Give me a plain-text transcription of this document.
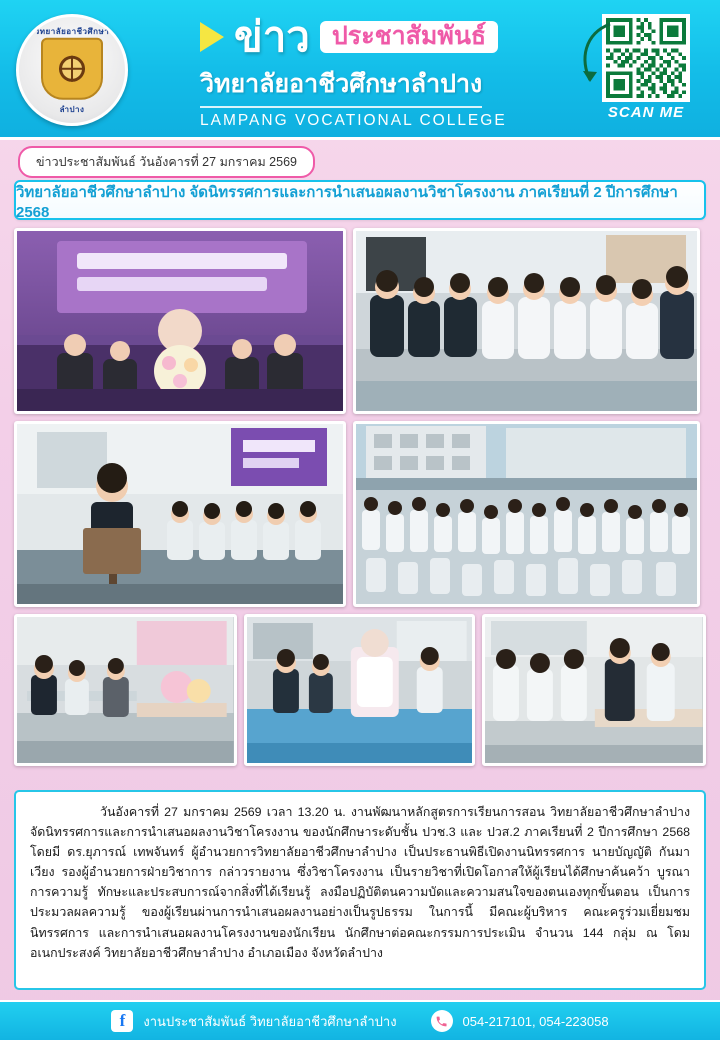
วิทยาลัยอาชีวศึกษา
ลำปาง
ข่าว ประชาสัมพันธ์
วิทยาลัยอาชีวศึกษาลำปาง
LAMPANG VOCATIONAL COLLEGE	SCAN ME
ข่าวประชาสัมพันธ์ วันอังคารที่ 27 มกราคม 2569
วิทยาลัยอาชีวศึกษาลำปาง จัดนิทรรศการและการนำเสนอผลงานวิชาโครงงาน ภาคเรียนที่ 2 ปีการศึกษา 2568

วันอังคารที่ 27 มกราคม 2569 เวลา 13.20 น. งานพัฒนาหลักสูตรการเรียนการสอน วิทยาลัยอาชีวศึกษาลำปาง จัดนิทรรศการและการนำเสนอผลงานวิชาโครงงาน ของนักศึกษาระดับชั้น ปวช.3 และ ปวส.2 ภาคเรียนที่ 2 ปีการศึกษา 2568 โดยมี ดร.ยุภารณ์ เทพจันทร์ ผู้อำนวยการวิทยาลัยอาชีวศึกษาลำปาง เป็นประธานพิธีเปิดงานนิทรรศการ นายบัญญัติ กันมาเวียง รองผู้อำนวยการฝ่ายวิชาการ กล่าวรายงาน ซึ่งวิชาโครงงาน เป็นรายวิชาที่เปิดโอกาสให้ผู้เรียนได้ศึกษาค้นคว้า บูรณาการความรู้ ทักษะและประสบการณ์จากสิ่งที่ได้เรียนรู้ ลงมือปฏิบัติตนความบัดและความสนใจของตนเองทุกขั้นตอน เป็นการประมวลผลความรู้ ของผู้เรียนผ่านการนำเสนอผลงานอย่างเป็นรูปธรรม ในการนี้ มีคณะผู้บริหาร คณะครูร่วมเยี่ยมชมนิทรรศการ และการนำเสนอผลงานโครงงานของนักเรียน นักศึกษาต่อคณะกรรมการประเมิน จำนวน 144 กลุ่ม ณ โดมอเนกประสงค์ วิทยาลัยอาชีวศึกษาลำปาง อำเภอเมือง จังหวัดลำปาง

f	งานประชาสัมพันธ์ วิทยาลัยอาชีวศึกษาลำปาง	054-217101, 054-223058
